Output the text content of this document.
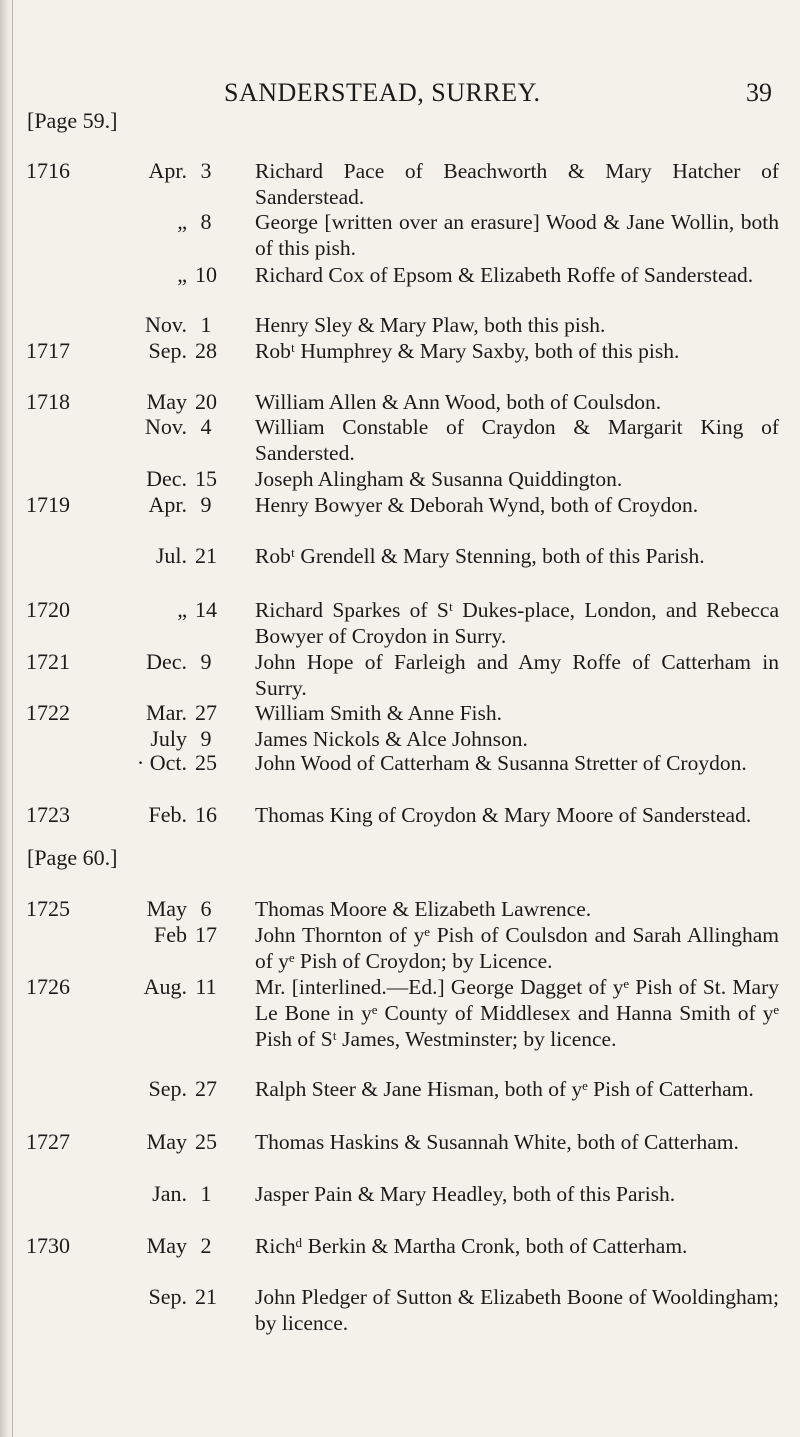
SANDERSTEAD, SURREY.	39
[Page 59.]
1716	Apr. 3	Richard Pace of Beachworth & Mary Hatcher of Sanderstead.
„ 8	George [written over an erasure] Wood & Jane Wollin, both of this pish.
„ 10 Richard Cox of Epsom & Elizabeth Roffe of Sanderstead.
Nov. 1	Henry Sley & Mary Plaw, both this pish.
1717	Sep. 28 Robᵗ Humphrey & Mary Saxby, both of this pish.
1718	May 20 William Allen & Ann Wood, both of Coulsdon.
Nov. 4	William Constable of Craydon & Margarit King of Sandersted.
Dec. 15 Joseph Alingham & Susanna Quiddington.
1719	Apr. 9	Henry Bowyer & Deborah Wynd, both of Croydon.
Jul. 21 Robᵗ Grendell & Mary Stenning, both of this Parish.
1720	„ 14 Richard Sparkes of Sᵗ Dukes-place, London, and Rebecca Bowyer of Croydon in Surry.
1721	Dec. 9	John Hope of Farleigh and Amy Roffe of Catterham in Surry.
1722	Mar. 27 William Smith & Anne Fish.
July 9	James Nickols & Alce Johnson.
· Oct. 25 John Wood of Catterham & Susanna Stretter of Croydon.
1723	Feb. 16 Thomas King of Croydon & Mary Moore of Sanderstead.
[Page 60.]
1725	May 6	Thomas Moore & Elizabeth Lawrence.
Feb 17 John Thornton of yᵉ Pish of Coulsdon and Sarah Allingham of yᵉ Pish of Croydon; by Licence.
1726	Aug. 11 Mr. [interlined.—Ed.] George Dagget of yᵉ Pish of St. Mary Le Bone in yᵉ County of Middlesex and Hanna Smith of yᵉ Pish of Sᵗ James, Westminster; by licence.
Sep. 27 Ralph Steer & Jane Hisman, both of yᵉ Pish of Catterham.
1727	May 25 Thomas Haskins & Susannah White, both of Catterham.
Jan. 1	Jasper Pain & Mary Headley, both of this Parish.
1730	May 2	Richᵈ Berkin & Martha Cronk, both of Catterham.
Sep. 21 John Pledger of Sutton & Elizabeth Boone of Wooldingham; by licence.
